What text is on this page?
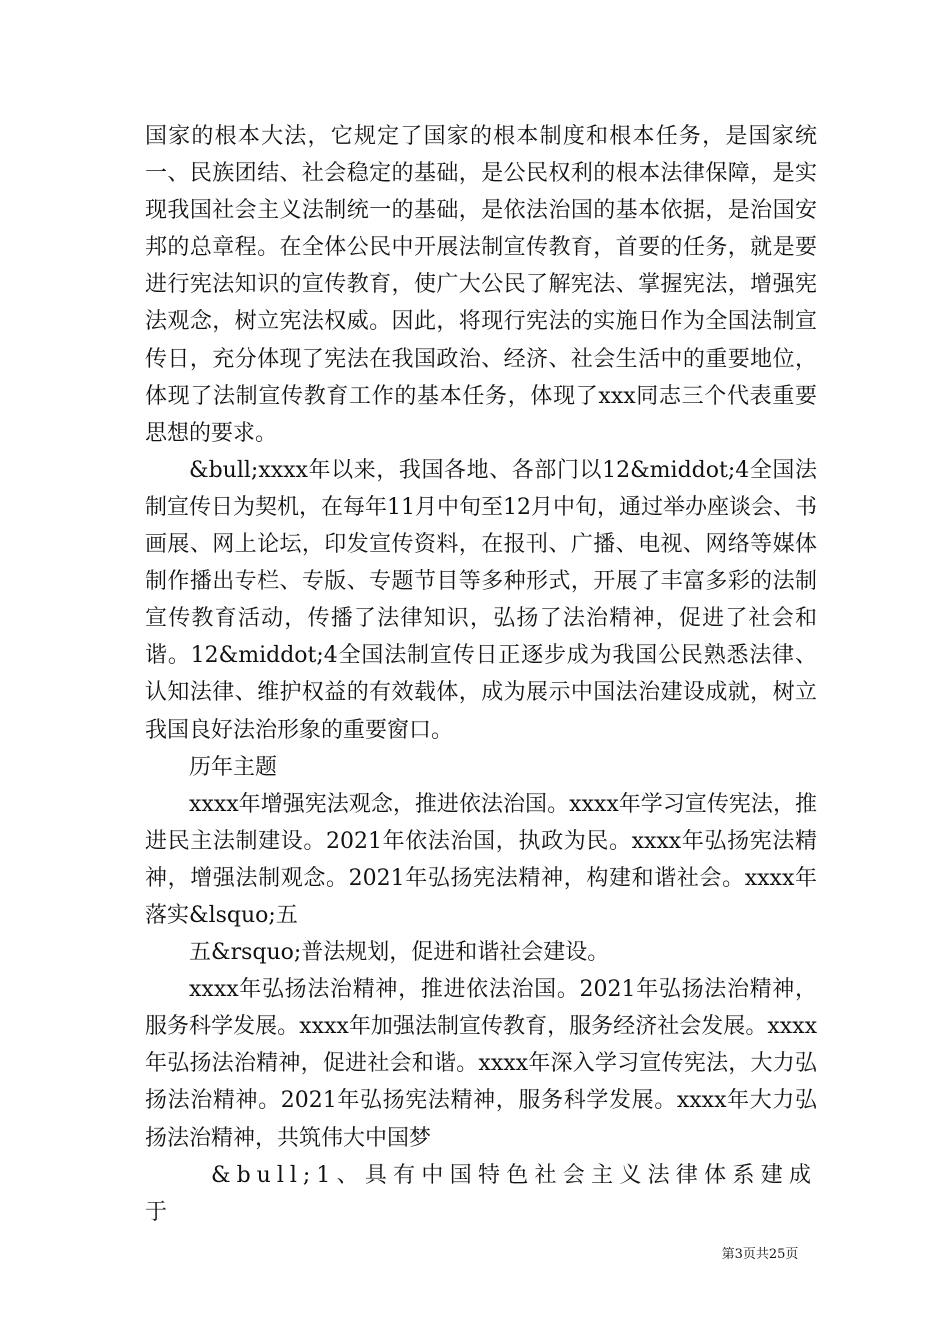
国家的根本大法，它规定了国家的根本制度和根本任务，是国家统一、民族团结、社会稳定的基础，是公民权利的根本法律保障，是实现我国社会主义法制统一的基础，是依法治国的基本依据，是治国安邦的总章程。在全体公民中开展法制宣传教育，首要的任务，就是要进行宪法知识的宣传教育，使广大公民了解宪法、掌握宪法，增强宪法观念，树立宪法权威。因此，将现行宪法的实施日作为全国法制宣传日，充分体现了宪法在我国政治、经济、社会生活中的重要地位，体现了法制宣传教育工作的基本任务，体现了xxx同志三个代表重要思想的要求。

&bull;xxxx年以来，我国各地、各部门以12&middot;4全国法制宣传日为契机，在每年11月中旬至12月中旬，通过举办座谈会、书画展、网上论坛，印发宣传资料，在报刊、广播、电视、网络等媒体制作播出专栏、专版、专题节目等多种形式，开展了丰富多彩的法制宣传教育活动，传播了法律知识，弘扬了法治精神，促进了社会和谐。12&middot;4全国法制宣传日正逐步成为我国公民熟悉法律、认知法律、维护权益的有效载体，成为展示中国法治建设成就，树立我国良好法治形象的重要窗口。

历年主题

xxxx年增强宪法观念，推进依法治国。xxxx年学习宣传宪法，推进民主法制建设。2021年依法治国，执政为民。xxxx年弘扬宪法精神，增强法制观念。2021年弘扬宪法精神，构建和谐社会。xxxx年落实&lsquo;五

五&rsquo;普法规划，促进和谐社会建设。

xxxx年弘扬法治精神，推进依法治国。2021年弘扬法治精神，服务科学发展。xxxx年加强法制宣传教育，服务经济社会发展。xxxx年弘扬法治精神，促进社会和谐。xxxx年深入学习宣传宪法，大力弘扬法治精神。2021年弘扬宪法精神，服务科学发展。xxxx年大力弘扬法治精神，共筑伟大中国梦

&bull;1、具有中国特色社会主义法律体系建成于

第3页共25页
